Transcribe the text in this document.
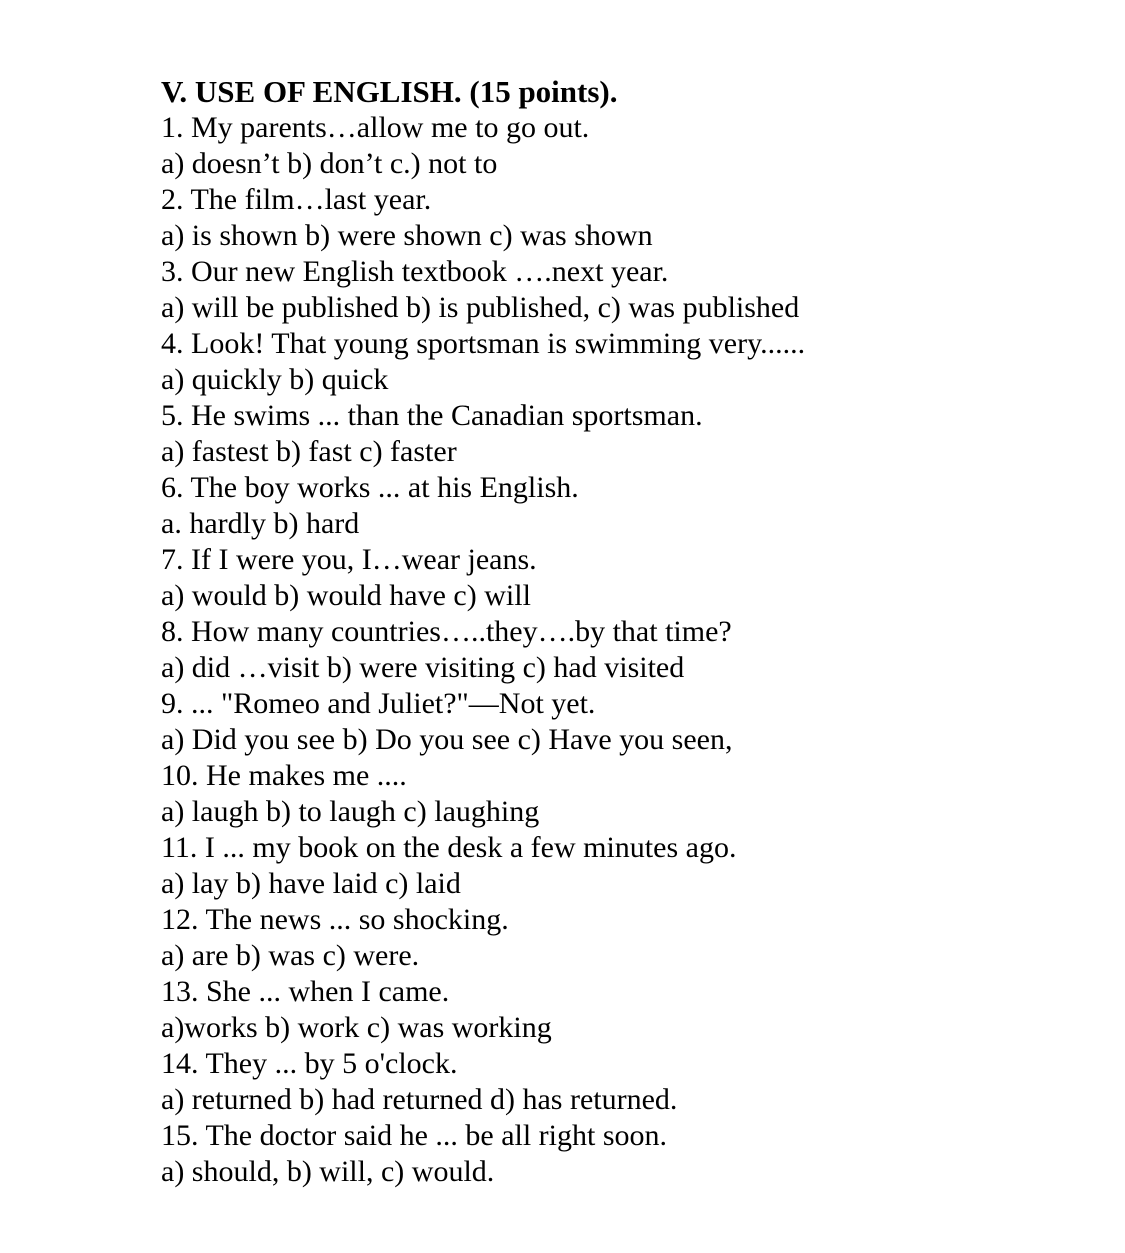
V. USE OF ENGLISH. (15 points).
1. My parents…allow me to go out.
a) doesn’t b) don’t c.) not to
2. The film…last year.
a) is shown b) were shown c) was shown
3. Our new English textbook ….next year.
a) will be published b) is published, c) was published
4. Look! That young sportsman is swimming very......
a) quickly b) quick
5. He swims ... than the Canadian sportsman.
a) fastest b) fast c) faster
6. The boy works ... at his English.
a. hardly b) hard
7. If I were you, I…wear jeans.
a) would b) would have c) will
8. How many countries…..they….by that time?
a) did …visit b) were visiting c) had visited
9. ... "Romeo and Juliet?"—Not yet.
a) Did you see b) Do you see c) Have you seen,
10. He makes me ....
a) laugh b) to laugh c) laughing
11. I ... my book on the desk a few minutes ago.
a) lay b) have laid c) laid
12. The news ... so shocking.
a) are b) was c) were.
13. She ... when I came.
a)works b) work c) was working
14. They ... by 5 o'clock.
a) returned b) had returned d) has returned.
15. The doctor said he ... be all right soon.
a) should, b) will, c) would.
